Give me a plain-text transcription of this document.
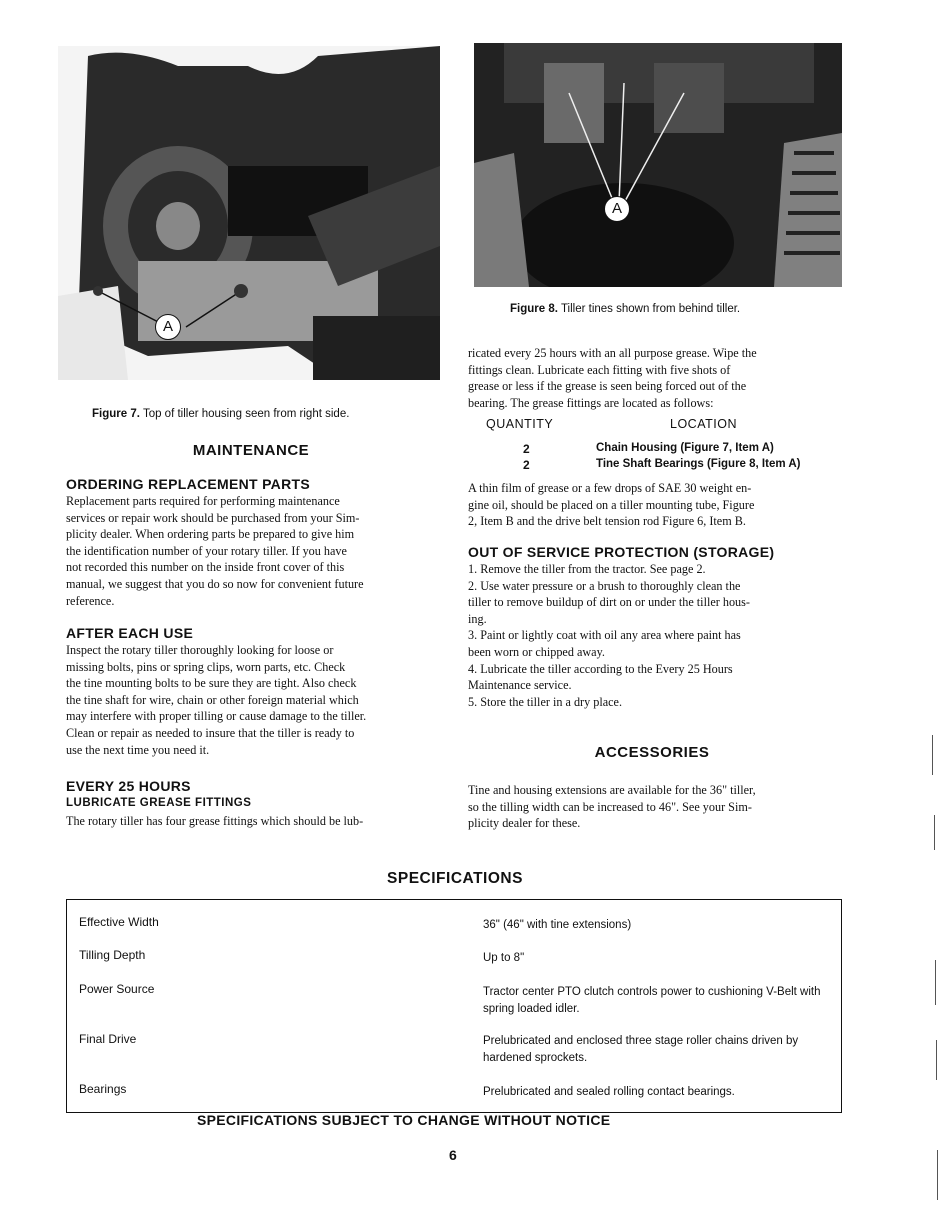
A
Figure 7. Top of tiller housing seen from right side.
A
Figure 8. Tiller tines shown from behind tiller.
MAINTENANCE
ORDERING REPLACEMENT PARTS
Replacement parts required for performing maintenance
services or repair work should be purchased from your Sim-
plicity dealer. When ordering parts be prepared to give him
the identification number of your rotary tiller. If you have
not recorded this number on the inside front cover of this
manual, we suggest that you do so now for convenient future
reference.
AFTER EACH USE
Inspect the rotary tiller thoroughly looking for loose or
missing bolts, pins or spring clips, worn parts, etc. Check
the tine mounting bolts to be sure they are tight. Also check
the tine shaft for wire, chain or other foreign material which
may interfere with proper tilling or cause damage to the tiller.
Clean or repair as needed to insure that the tiller is ready to
use the next time you need it.
EVERY 25 HOURS
LUBRICATE GREASE FITTINGS
The rotary tiller has four grease fittings which should be lub-
ricated every 25 hours with an all purpose grease. Wipe the
fittings clean. Lubricate each fitting with five shots of
grease or less if the grease is seen being forced out of the
bearing. The grease fittings are located as follows:
QUANTITY	LOCATION
2	Chain Housing (Figure 7, Item A)
2	Tine Shaft Bearings (Figure 8, Item A)
A thin film of grease or a few drops of SAE 30 weight en-
gine oil, should be placed on a tiller mounting tube, Figure
2, Item B and the drive belt tension rod Figure 6, Item B.
OUT OF SERVICE PROTECTION (STORAGE)
1. Remove the tiller from the tractor. See page 2.
2. Use water pressure or a brush to thoroughly clean the
tiller to remove buildup of dirt on or under the tiller hous-
ing.
3. Paint or lightly coat with oil any area where paint has
been worn or chipped away.
4. Lubricate the tiller according to the Every 25 Hours
Maintenance service.
5. Store the tiller in a dry place.
ACCESSORIES
Tine and housing extensions are available for the 36" tiller,
so the tilling width can be increased to 46". See your Sim-
plicity dealer for these.
SPECIFICATIONS
Effective Width	36" (46" with tine extensions)
Tilling Depth	Up to 8"
Power Source	Tractor center PTO clutch controls power to cushioning V-Belt with spring loaded idler.
Final Drive	Prelubricated and enclosed three stage roller chains driven by hardened sprockets.
Bearings	Prelubricated and sealed rolling contact bearings.
SPECIFICATIONS SUBJECT TO CHANGE WITHOUT NOTICE
6
